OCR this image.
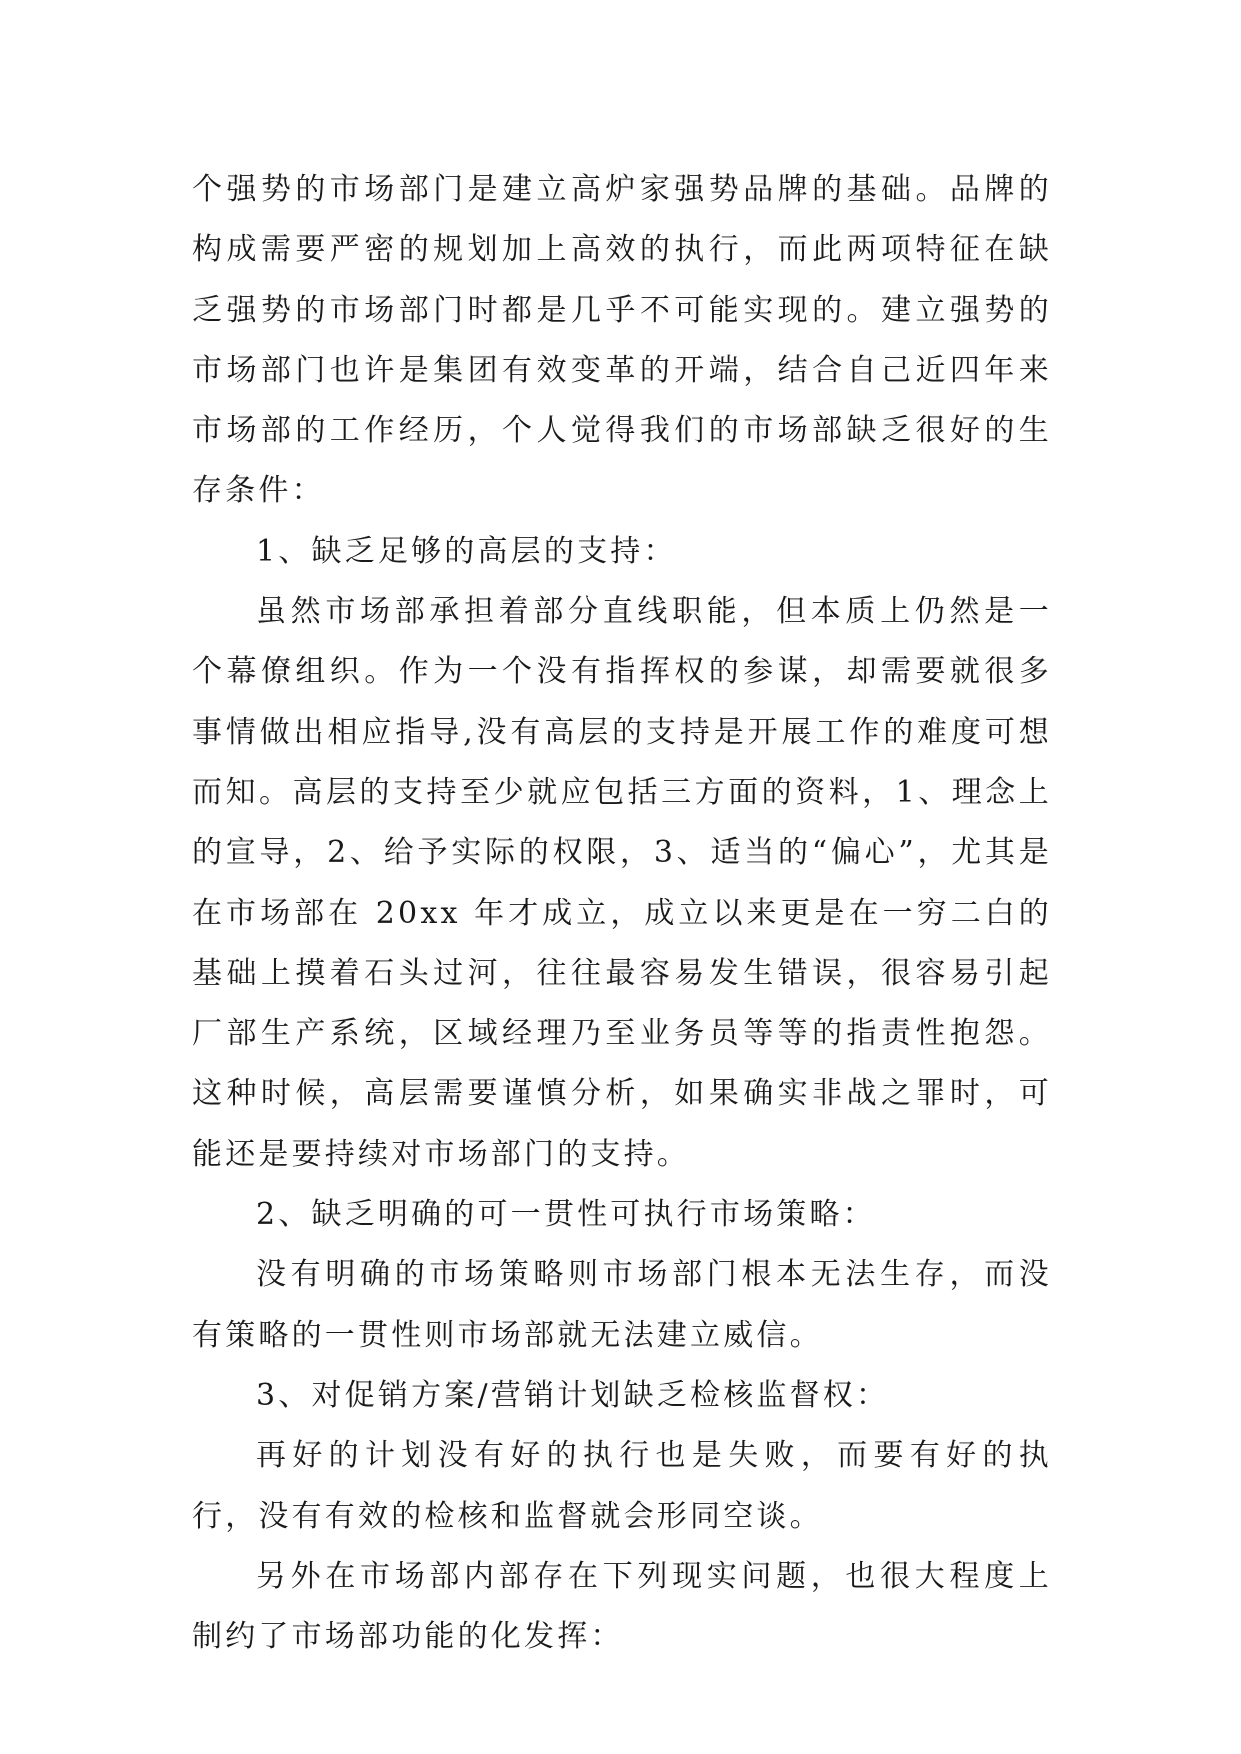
个强势的市场部门是建立高炉家强势品牌的基础。品牌的构成需要严密的规划加上高效的执行，而此两项特征在缺乏强势的市场部门时都是几乎不可能实现的。建立强势的市场部门也许是集团有效变革的开端，结合自己近四年来市场部的工作经历，个人觉得我们的市场部缺乏很好的生存条件：

1、缺乏足够的高层的支持：

虽然市场部承担着部分直线职能，但本质上仍然是一个幕僚组织。作为一个没有指挥权的参谋，却需要就很多事情做出相应指导,没有高层的支持是开展工作的难度可想而知。高层的支持至少就应包括三方面的资料，1、理念上的宣导，2、给予实际的权限，3、适当的“偏心”，尤其是在市场部在 20xx 年才成立，成立以来更是在一穷二白的基础上摸着石头过河，往往最容易发生错误，很容易引起厂部生产系统，区域经理乃至业务员等等的指责性抱怨。这种时候，高层需要谨慎分析，如果确实非战之罪时，可能还是要持续对市场部门的支持。

2、缺乏明确的可一贯性可执行市场策略：

没有明确的市场策略则市场部门根本无法生存，而没有策略的一贯性则市场部就无法建立威信。

3、对促销方案/营销计划缺乏检核监督权：

再好的计划没有好的执行也是失败，而要有好的执行，没有有效的检核和监督就会形同空谈。

另外在市场部内部存在下列现实问题，也很大程度上制约了市场部功能的化发挥：
